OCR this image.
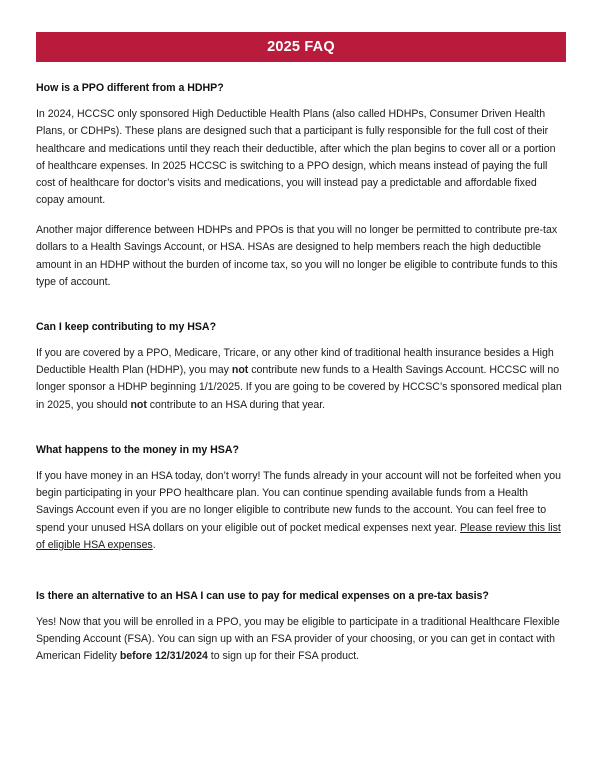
2025 FAQ
How is a PPO different from a HDHP?

In 2024, HCCSC only sponsored High Deductible Health Plans (also called HDHPs, Consumer Driven Health Plans, or CDHPs). These plans are designed such that a participant is fully responsible for the full cost of their healthcare and medications until they reach their deductible, after which the plan begins to cover all or a portion of healthcare expenses. In 2025 HCCSC is switching to a PPO design, which means instead of paying the full cost of healthcare for doctor’s visits and medications, you will instead pay a predictable and affordable fixed copay amount.

Another major difference between HDHPs and PPOs is that you will no longer be permitted to contribute pre-tax dollars to a Health Savings Account, or HSA. HSAs are designed to help members reach the high deductible amount in an HDHP without the burden of income tax, so you will no longer be eligible to contribute funds to this type of account.

Can I keep contributing to my HSA?

If you are covered by a PPO, Medicare, Tricare, or any other kind of traditional health insurance besides a High Deductible Health Plan (HDHP), you may not contribute new funds to a Health Savings Account. HCCSC will no longer sponsor a HDHP beginning 1/1/2025. If you are going to be covered by HCCSC’s sponsored medical plan in 2025, you should not contribute to an HSA during that year.

What happens to the money in my HSA?

If you have money in an HSA today, don’t worry! The funds already in your account will not be forfeited when you begin participating in your PPO healthcare plan. You can continue spending available funds from a Health Savings Account even if you are no longer eligible to contribute new funds to the account. You can feel free to spend your unused HSA dollars on your eligible out of pocket medical expenses next year. Please review this list of eligible HSA expenses.

Is there an alternative to an HSA I can use to pay for medical expenses on a pre-tax basis?

Yes! Now that you will be enrolled in a PPO, you may be eligible to participate in a traditional Healthcare Flexible Spending Account (FSA). You can sign up with an FSA provider of your choosing, or you can get in contact with American Fidelity before 12/31/2024 to sign up for their FSA product.
